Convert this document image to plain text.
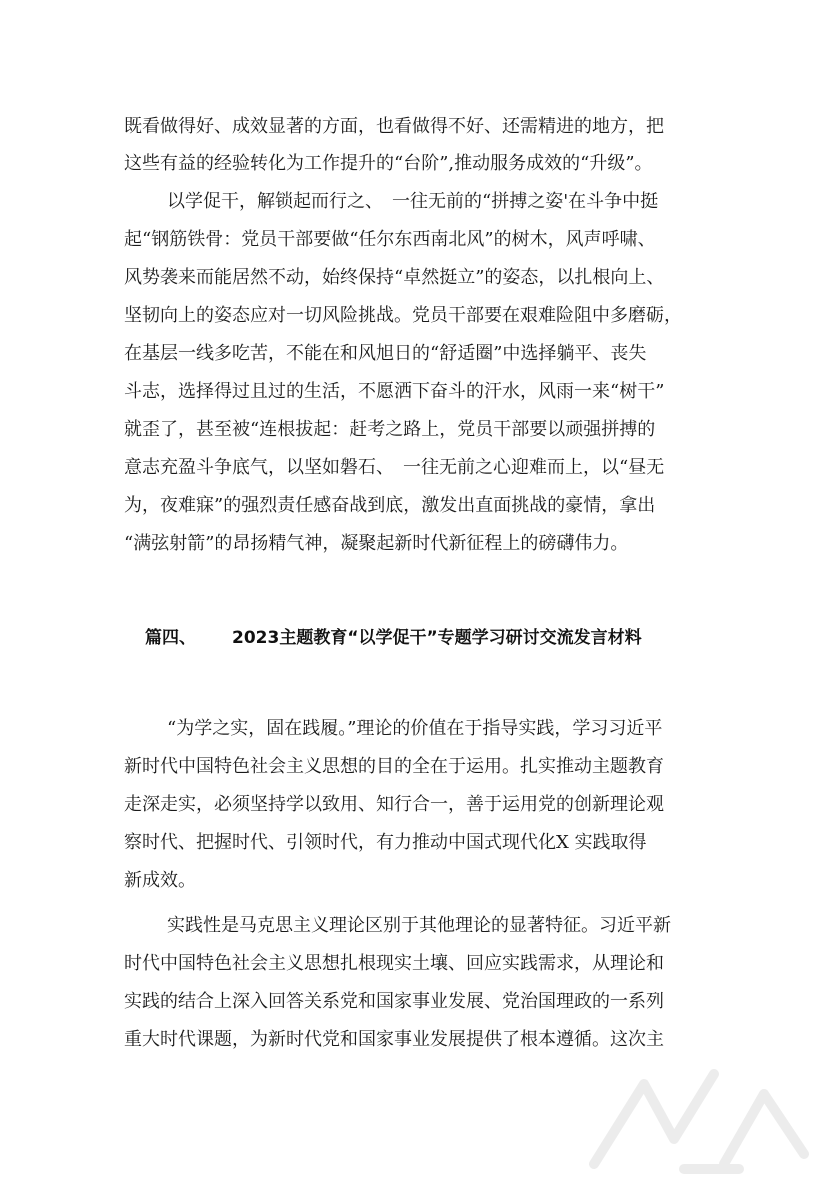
既看做得好、成效显著的方面，也看做得不好、还需精进的地方，把
这些有益的经验转化为工作提升的“台阶”,推动服务成效的“升级”。
以学促干，解锁起而行之、　一往无前的“拼搏之姿'在斗争中挺
起“钢筋铁骨：党员干部要做“任尔东西南北风”的树木，风声呼啸、
风势袭来而能居然不动，始终保持“卓然挺立”的姿态，以扎根向上、
坚韧向上的姿态应对一切风险挑战。党员干部要在艰难险阻中多磨砺，
在基层一线多吃苦，不能在和风旭日的“舒适圈”中选择躺平、丧失
斗志，选择得过且过的生活，不愿洒下奋斗的汗水，风雨一来“树干”
就歪了，甚至被“连根拔起：赶考之路上，党员干部要以顽强拼搏的
意志充盈斗争底气，以坚如磐石、　一往无前之心迎难而上，以“昼无
为，夜难寐”的强烈责任感奋战到底，激发出直面挑战的豪情，拿出
“满弦射箭”的昂扬精气神，凝聚起新时代新征程上的磅礴伟力。
篇四、	2023主题教育“以学促干”专题学习研讨交流发言材料
“为学之实，固在践履。”理论的价值在于指导实践，学习习近平
新时代中国特色社会主义思想的目的全在于运用。扎实推动主题教育
走深走实，必须坚持学以致用、知行合一，善于运用党的创新理论观
察时代、把握时代、引领时代，有力推动中国式现代化X 实践取得
新成效。
实践性是马克思主义理论区别于其他理论的显著特征。习近平新
时代中国特色社会主义思想扎根现实土壤、回应实践需求，从理论和
实践的结合上深入回答关系党和国家事业发展、党治国理政的一系列
重大时代课题，为新时代党和国家事业发展提供了根本遵循。这次主
